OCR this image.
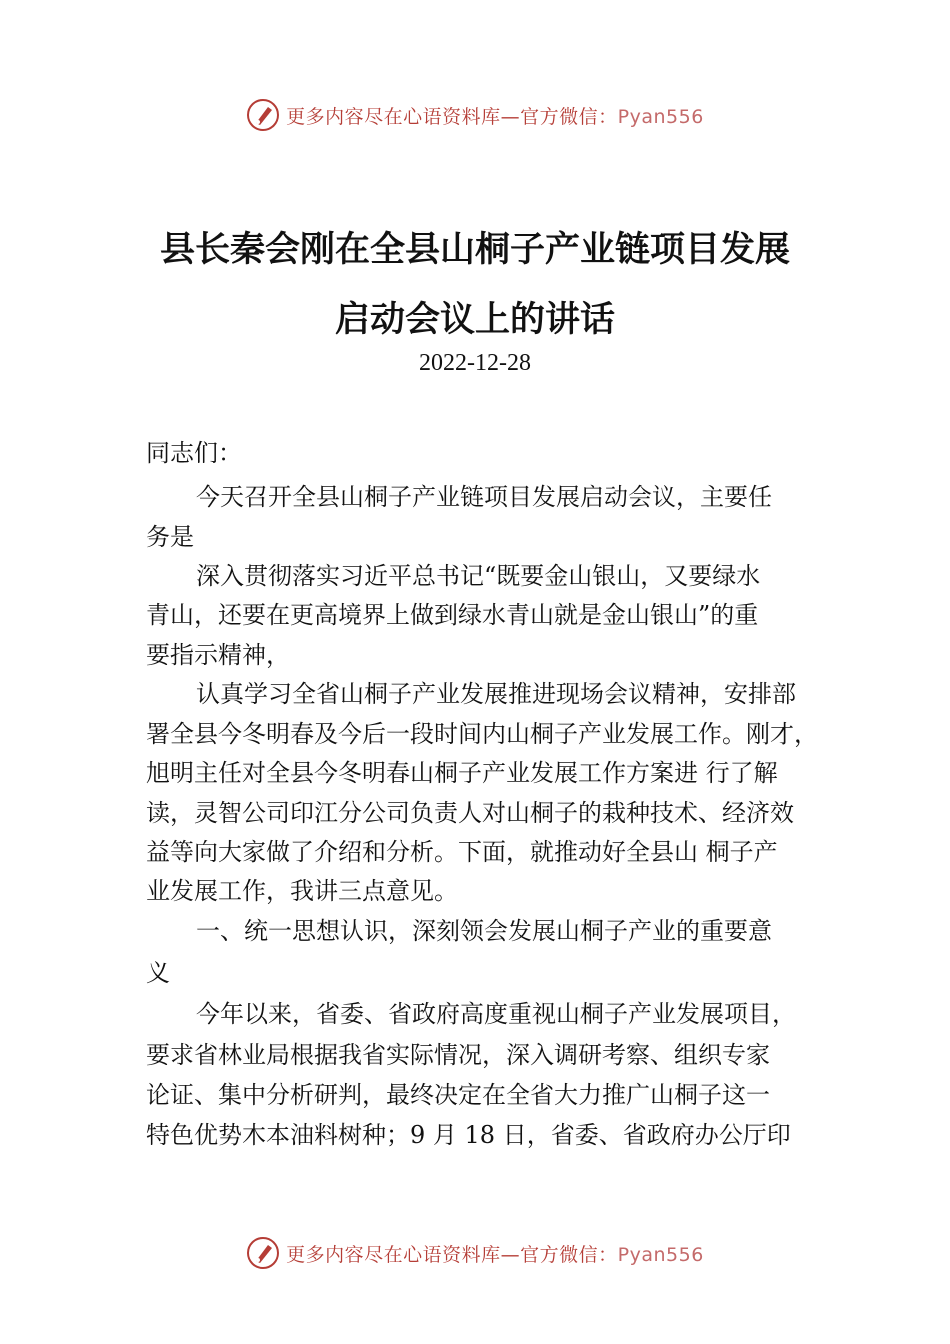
更多内容尽在心语资料库—官方微信：Pyan556
县长秦会刚在全县山桐子产业链项目发展
启动会议上的讲话
2022-12-28
同志们：
今天召开全县山桐子产业链项目发展启动会议，主要任
务是
深入贯彻落实习近平总书记“既要金山银山，又要绿水
青山，还要在更高境界上做到绿水青山就是金山银山”的重
要指示精神，
认真学习全省山桐子产业发展推进现场会议精神，安排部
署全县今冬明春及今后一段时间内山桐子产业发展工作。刚才，
旭明主任对全县今冬明春山桐子产业发展工作方案进 行了解
读，灵智公司印江分公司负责人对山桐子的栽种技术、经济效
益等向大家做了介绍和分析。下面，就推动好全县山 桐子产
业发展工作，我讲三点意见。
一、统一思想认识，深刻领会发展山桐子产业的重要意
义
今年以来，省委、省政府高度重视山桐子产业发展项目，
要求省林业局根据我省实际情况，深入调研考察、组织专家
论证、集中分析研判，最终决定在全省大力推广山桐子这一
特色优势木本油料树种；9 月 18 日，省委、省政府办公厅印
更多内容尽在心语资料库—官方微信：Pyan556
